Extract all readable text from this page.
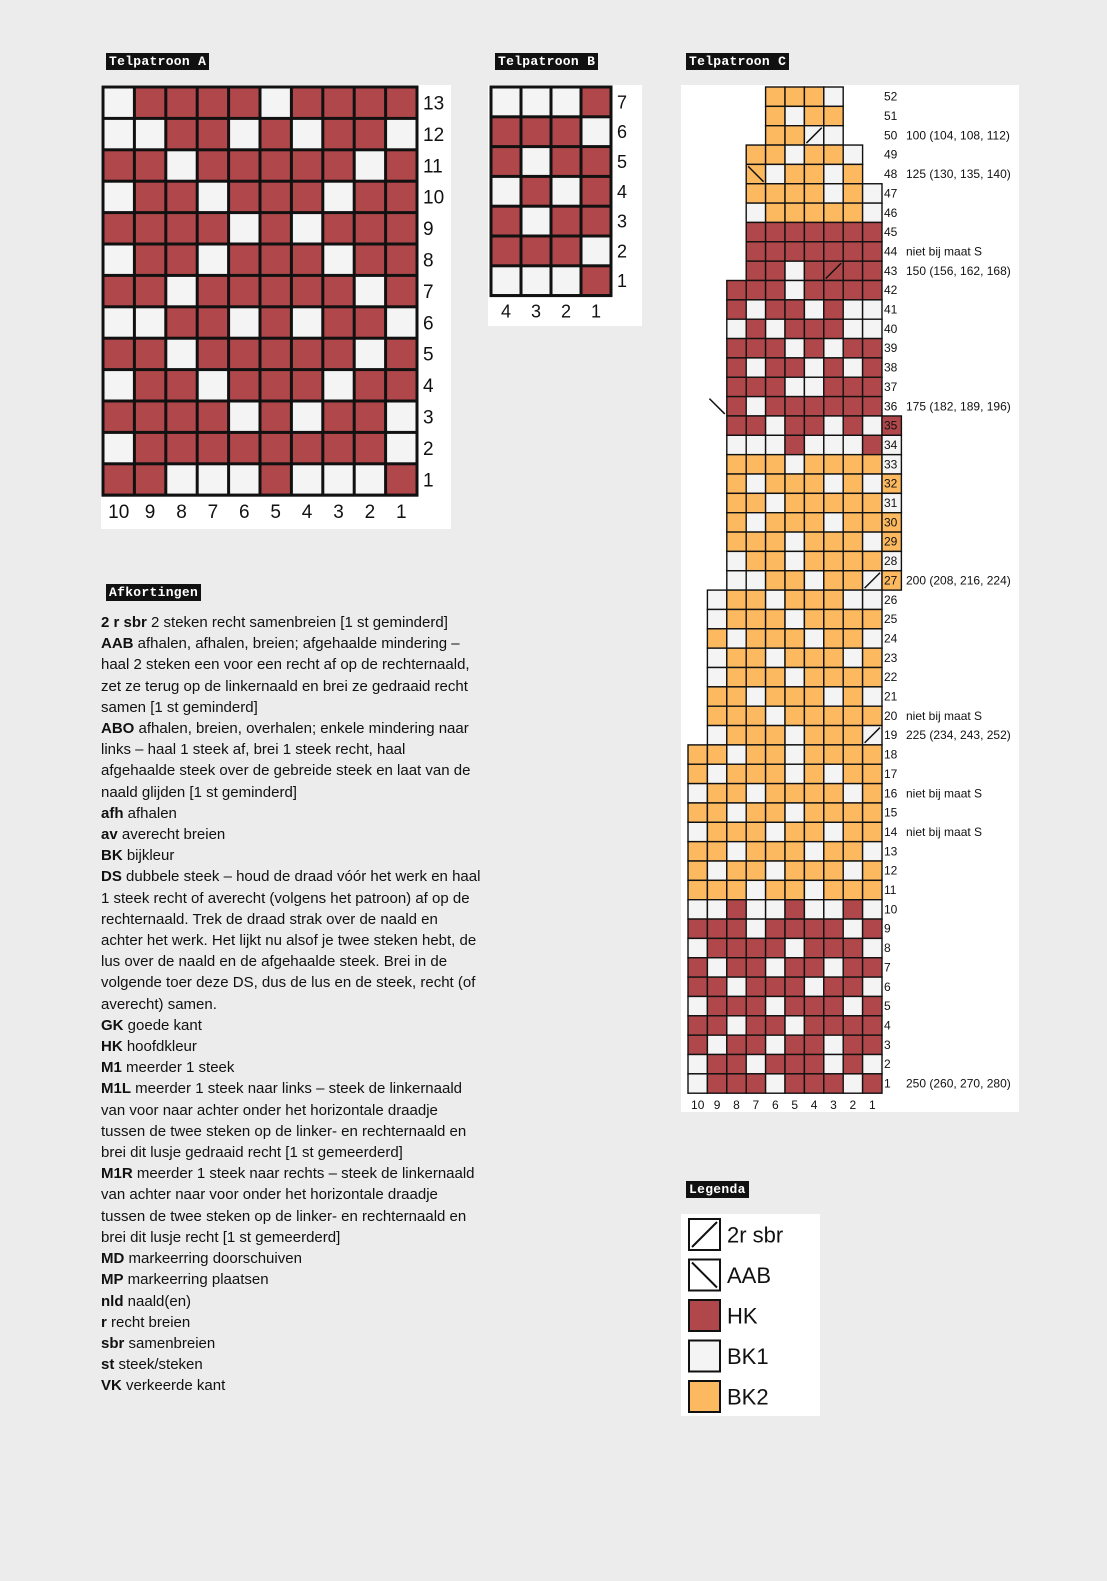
Telpatroon A
13
12
11
10
9
8
7
6
5
4
3
2
1
10 9 8 7 6 5 4 3 2 1
Telpatroon B
7
6
5
4
3
2
1
4 3 2 1
Telpatroon C
52
51
50 100 (104, 108, 112)
49
48 125 (130, 135, 140)
47
46
45
44 niet bij maat S
43 150 (156, 162, 168)
42
41
40
39
38
37
36 175 (182, 189, 196)
35
34
33
32
31
30
29
28
27 200 (208, 216, 224)
26
25
24
23
22
21
20 niet bij maat S
19 225 (234, 243, 252)
18
17
16 niet bij maat S
15
14 niet bij maat S
13
12
11
10
9
8
7
6
5
4
3
2
1 250 (260, 270, 280)
10 9 8 7 6 5 4 3 2 1
Afkortingen
2 r sbr 2 steken recht samenbreien [1 st geminderd]
AAB afhalen, afhalen, breien; afgehaalde mindering – haal 2 steken een voor een recht af op de rechternaald, zet ze terug op de linkernaald en brei ze gedraaid recht samen [1 st geminderd]
ABO afhalen, breien, overhalen; enkele mindering naar links – haal 1 steek af, brei 1 steek recht, haal afgehaalde steek over de gebreide steek en laat van de naald glijden [1 st geminderd]
afh afhalen
av averecht breien
BK bijkleur
DS dubbele steek – houd de draad vóór het werk en haal 1 steek recht of averecht (volgens het patroon) af op de rechternaald. Trek de draad strak over de naald en achter het werk. Het lijkt nu alsof je twee steken hebt, de lus over de naald en de afgehaalde steek. Brei in de volgende toer deze DS, dus de lus en de steek, recht (of averecht) samen.
GK goede kant
HK hoofdkleur
M1 meerder 1 steek
M1L meerder 1 steek naar links – steek de linkernaald van voor naar achter onder het horizontale draadje tussen de twee steken op de linker- en rechternaald en brei dit lusje gedraaid recht [1 st gemeerderd]
M1R meerder 1 steek naar rechts – steek de linkernaald van achter naar voor onder het horizontale draadje tussen de twee steken op de linker- en rechternaald en brei dit lusje recht [1 st gemeerderd]
MD markeerring doorschuiven
MP markeerring plaatsen
nld naald(en)
r recht breien
sbr samenbreien
st steek/steken
VK verkeerde kant
Legenda
2r sbr
AAB
HK
BK1
BK2
